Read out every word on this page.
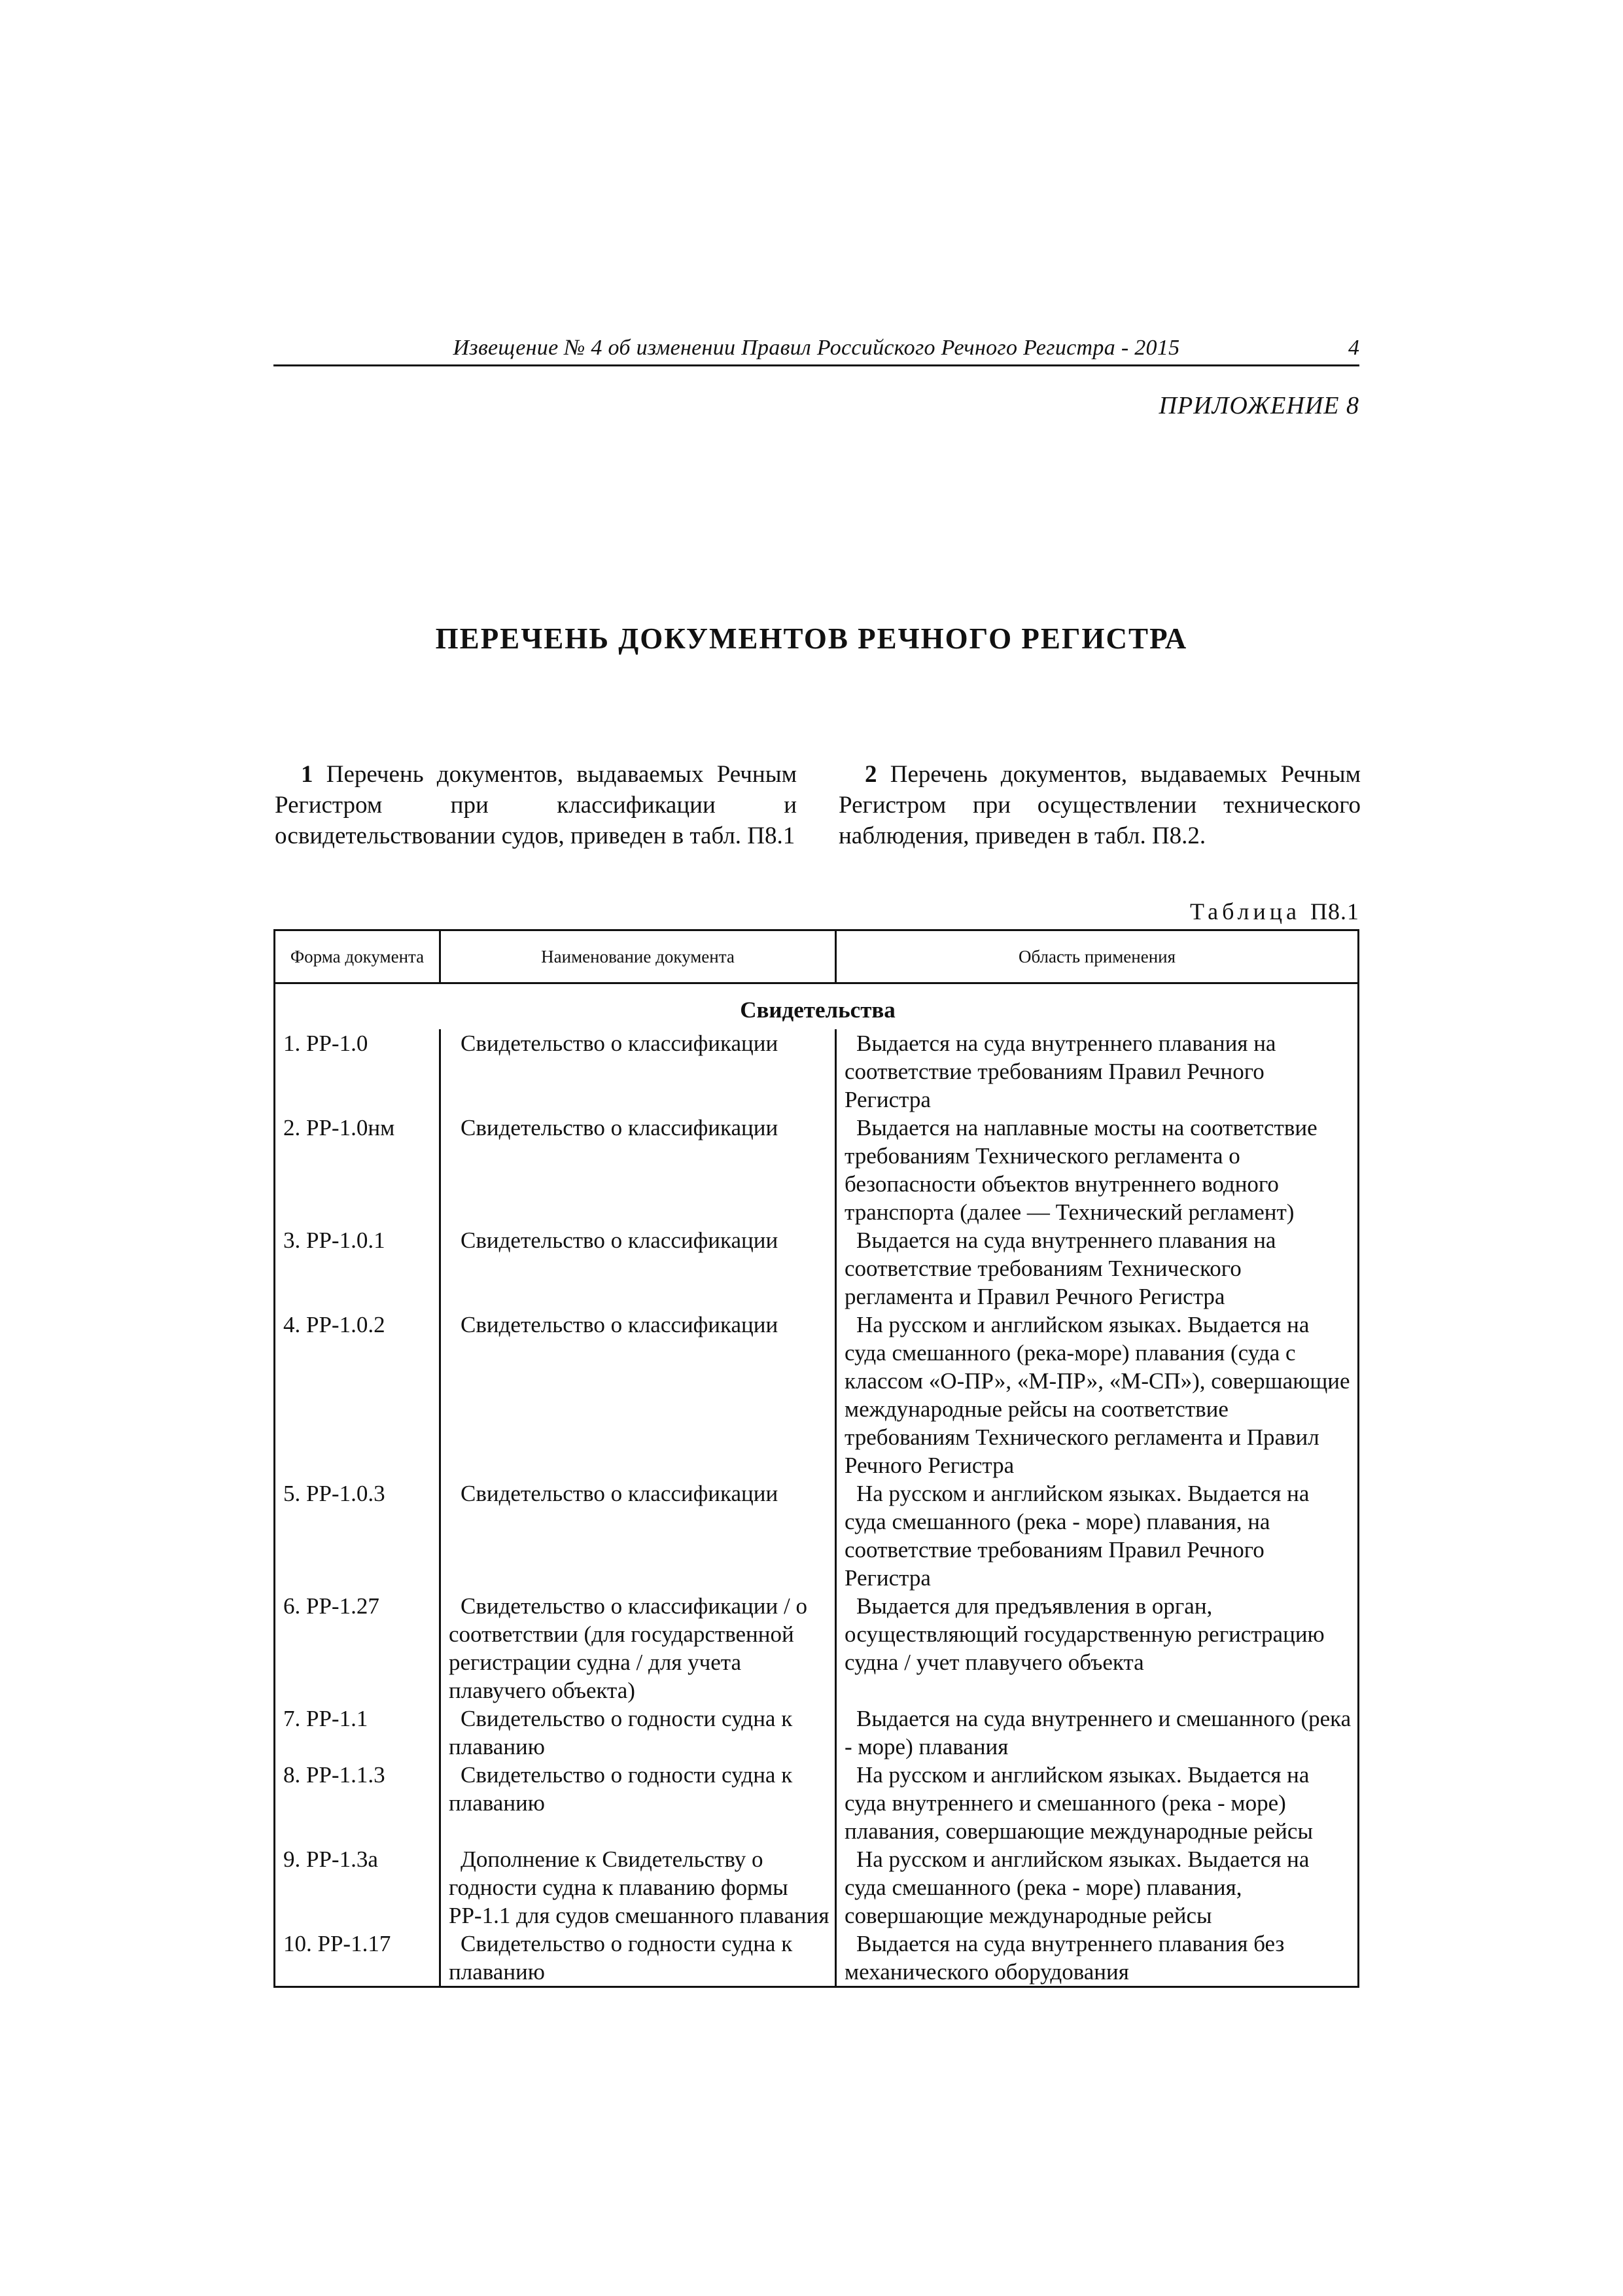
Извещение № 4 об изменении Правил Российского Речного Регистра - 2015	4
ПРИЛОЖЕНИЕ 8
ПЕРЕЧЕНЬ ДОКУМЕНТОВ РЕЧНОГО РЕГИСТРА

1 Перечень документов, выдаваемых Речным Регистром при классификации и освидетельствовании судов, приведен в табл. П8.1

2 Перечень документов, выдаваемых Речным Регистром при осуществлении технического наблюдения, приведен в табл. П8.2.

Таблица П8.1
Форма документа	Наименование документа	Область применения
Свидетельства		
1. РР-1.0	Свидетельство о классификации	Выдается на суда внутреннего плавания на соответствие требованиям Правил Речного Регистра
2. РР-1.0нм	Свидетельство о классификации	Выдается на наплавные мосты на соответствие требованиям Технического регламента о безопасности объектов внутреннего водного транспорта (далее — Технический регламент)
3. РР-1.0.1	Свидетельство о классификации	Выдается на суда внутреннего плавания на соответствие требованиям Технического регламента и Правил Речного Регистра
4. РР-1.0.2	Свидетельство о классификации	На русском и английском языках. Выдается на суда смешанного (река-море) плавания (суда с классом «О-ПР», «М-ПР», «М-СП»), совершающие международные рейсы на соответствие требованиям Технического регламента и Правил Речного Регистра
5. РР-1.0.3	Свидетельство о классификации	На русском и английском языках. Выдается на суда смешанного (река - море) плавания, на соответствие требованиям Правил Речного Регистра
6. РР-1.27	Свидетельство о классификации / о соответствии (для государственной регистрации судна / для учета плавучего объекта)	Выдается для предъявления в орган, осуществляющий государственную регистрацию судна / учет плавучего объекта
7. РР-1.1	Свидетельство о годности судна к плаванию	Выдается на суда внутреннего и смешанного (река - море) плавания
8. РР-1.1.3	Свидетельство о годности судна к плаванию	На русском и английском языках. Выдается на суда внутреннего и смешанного (река - море) плавания, совершающие международные рейсы
9. РР-1.3а	Дополнение к Свидетельству о годности судна к плаванию формы РР-1.1 для судов смешанного плавания	На русском и английском языках. Выдается на суда смешанного (река - море) плавания, совершающие международные рейсы
10. РР-1.17	Свидетельство о годности судна к плаванию	Выдается на суда внутреннего плавания без механического оборудования
